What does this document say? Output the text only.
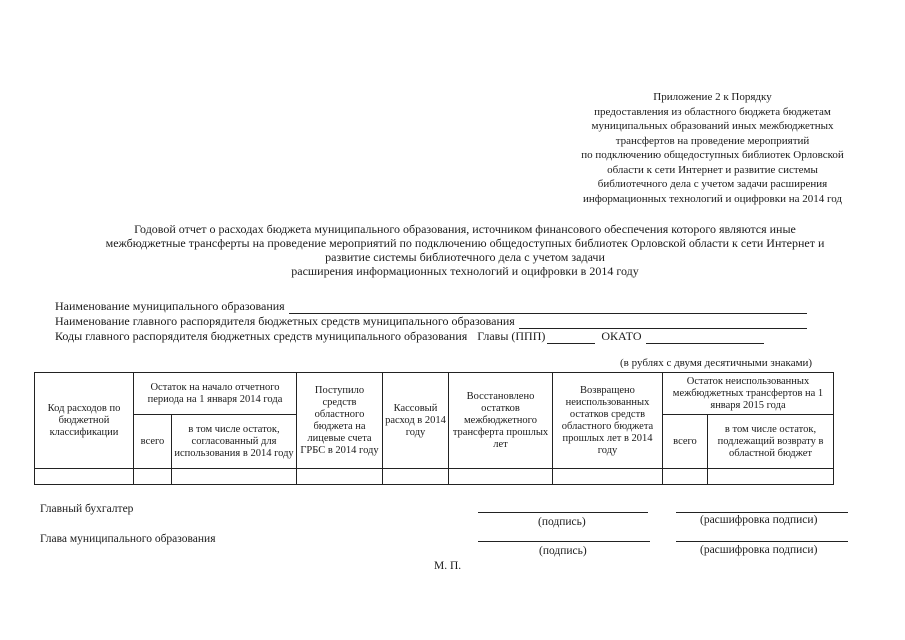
Приложение 2 к Порядку
предоставления из областного бюджета бюджетам
муниципальных образований иных межбюджетных
трансфертов на проведение мероприятий
по подключению общедоступных библиотек Орловской
области к сети Интернет и развитие системы
библиотечного дела с учетом задачи расширения
информационных технологий и оцифровки на 2014 год
Годовой отчет о расходах бюджета муниципального образования, источником финансового обеспечения которого являются иные
межбюджетные трансферты на проведение мероприятий по подключению общедоступных библиотек Орловской области к сети Интернет и
развитие системы библиотечного дела с учетом задачи
расширения информационных технологий и оцифровки в 2014 году
Наименование муниципального образования
Наименование главного распорядителя бюджетных средств муниципального образования
Коды главного распорядителя бюджетных средств муниципального образования Главы (ППП)	ОКАТО
(в рублях с двумя десятичными знаками)
Код расходов по бюджетной классификации	Остаток на начало отчетного периода на 1 января 2014 года		Поступило средств областного бюджета на лицевые счета ГРБС в 2014 году	Кассовый расход в 2014 году	Восстановлено остатков межбюджетного трансферта прошлых лет	Возвращено неиспользованных остатков средств областного бюджета прошлых лет в 2014 году	Остаток неиспользованных межбюджетных трансфертов на 1 января 2015 года	
	всего	в том числе остаток, согласованный для использования в 2014 году					всего	в том числе остаток, подлежащий возврату в областной бюджет

Главный бухгалтер
(подпись)	(расшифровка подписи)
Глава муниципального образования
(подпись)	(расшифровка подписи)
М. П.
